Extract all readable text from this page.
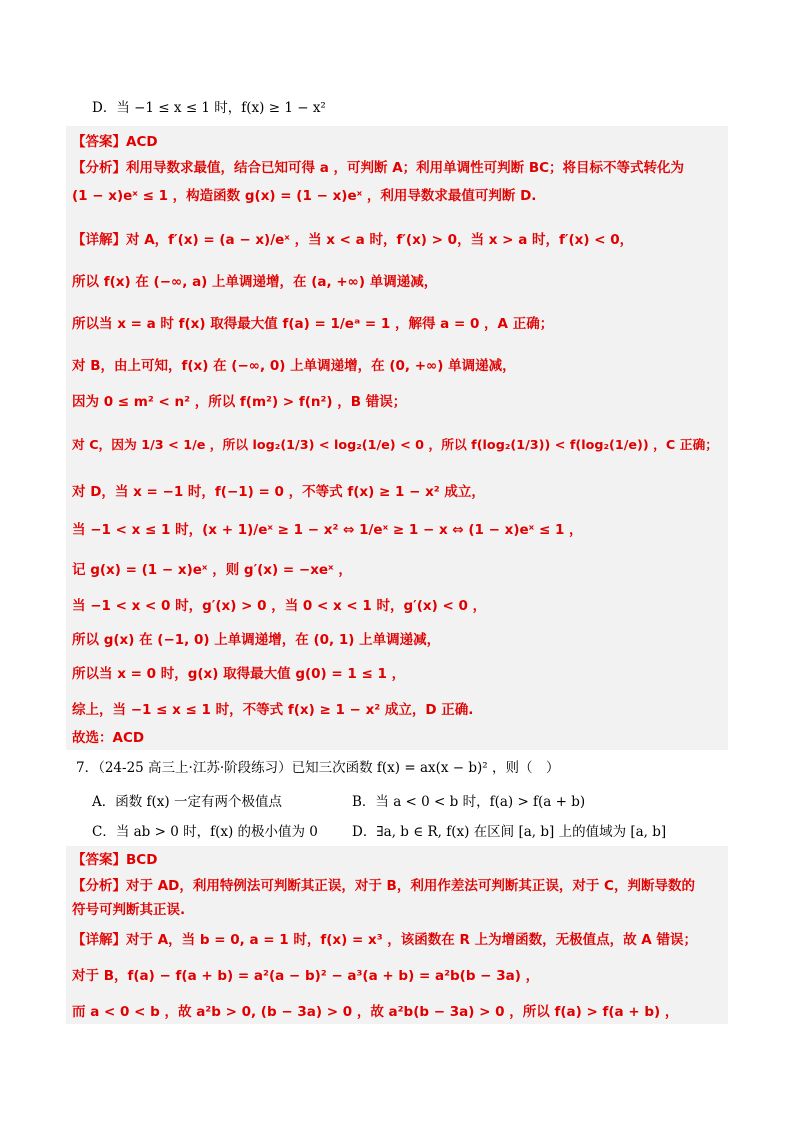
D．当 −1 ≤ x ≤ 1 时，f(x) ≥ 1 − x²
【答案】ACD
【分析】利用导数求最值，结合已知可得 a ，可判断 A；利用单调性可判断 BC；将目标不等式转化为
(1 − x)eˣ ≤ 1 ，构造函数 g(x) = (1 − x)eˣ ，利用导数求最值可判断 D.
【详解】对 A，f′(x) = (a − x)/eˣ ，当 x < a 时，f′(x) > 0，当 x > a 时，f′(x) < 0，
所以 f(x) 在 (−∞, a) 上单调递增，在 (a, +∞) 单调递减，
所以当 x = a 时 f(x) 取得最大值 f(a) = 1/eᵃ = 1 ，解得 a = 0 ，A 正确；
对 B，由上可知，f(x) 在 (−∞, 0) 上单调递增，在 (0, +∞) 单调递减，
因为 0 ≤ m² < n² ，所以 f(m²) > f(n²) ，B 错误；
对 C，因为 1/3 < 1/e ，所以 log₂(1/3) < log₂(1/e) < 0 ，所以 f(log₂(1/3)) < f(log₂(1/e)) ，C 正确；
对 D，当 x = −1 时，f(−1) = 0 ，不等式 f(x) ≥ 1 − x² 成立，
当 −1 < x ≤ 1 时，(x + 1)/eˣ ≥ 1 − x² ⇔ 1/eˣ ≥ 1 − x ⇔ (1 − x)eˣ ≤ 1 ，
记 g(x) = (1 − x)eˣ ，则 g′(x) = −xeˣ ，
当 −1 < x < 0 时，g′(x) > 0 ，当 0 < x < 1 时，g′(x) < 0 ，
所以 g(x) 在 (−1, 0) 上单调递增，在 (0, 1) 上单调递减，
所以当 x = 0 时，g(x) 取得最大值 g(0) = 1 ≤ 1 ，
综上，当 −1 ≤ x ≤ 1 时，不等式 f(x) ≥ 1 − x² 成立，D 正确.
故选：ACD
7．（24-25 高三上·江苏·阶段练习）已知三次函数 f(x) = ax(x − b)² ，则（　）
A．函数 f(x) 一定有两个极值点	B．当 a < 0 < b 时，f(a) > f(a + b)
C．当 ab > 0 时，f(x) 的极小值为 0	D．∃a, b ∈ R, f(x) 在区间 [a, b] 上的值域为 [a, b]
【答案】BCD
【分析】对于 AD，利用特例法可判断其正误，对于 B，利用作差法可判断其正误，对于 C，判断导数的
符号可判断其正误.
【详解】对于 A，当 b = 0, a = 1 时，f(x) = x³ ，该函数在 R 上为增函数，无极值点，故 A 错误；
对于 B，f(a) − f(a + b) = a²(a − b)² − a³(a + b) = a²b(b − 3a) ，
而 a < 0 < b ，故 a²b > 0, (b − 3a) > 0 ，故 a²b(b − 3a) > 0 ，所以 f(a) > f(a + b) ，
